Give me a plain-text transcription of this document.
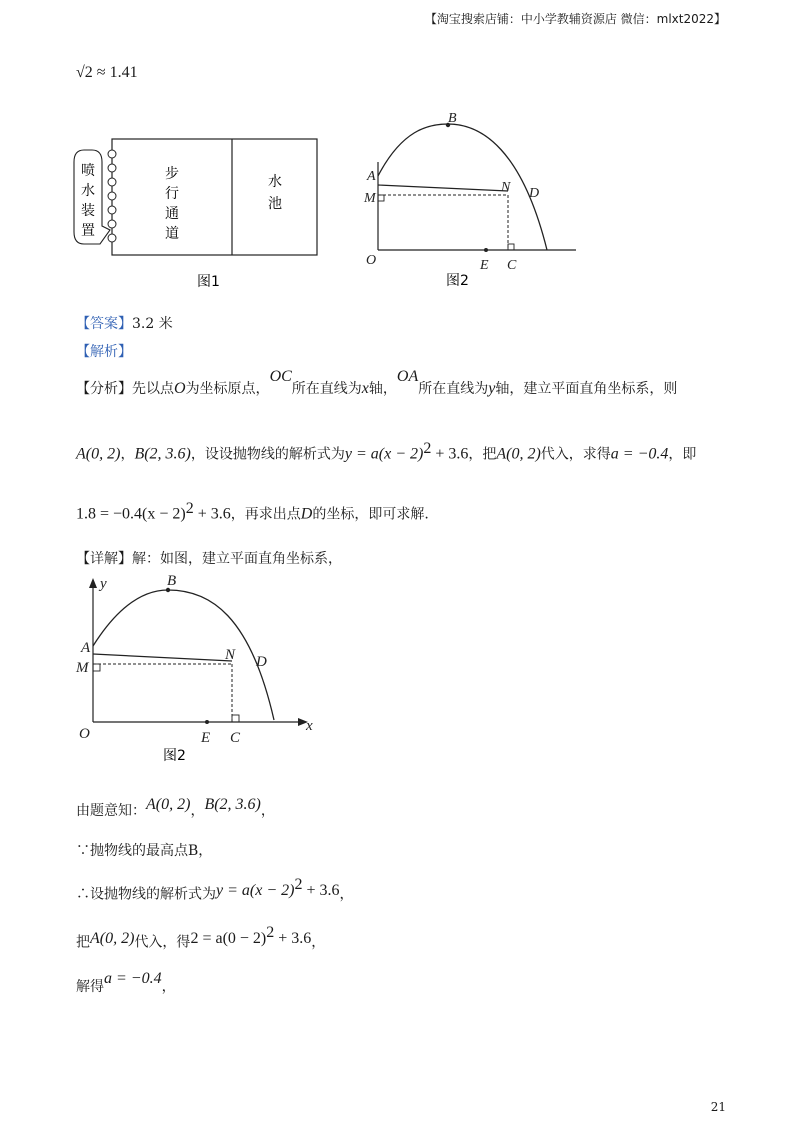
【淘宝搜索店铺：中小学教辅资源店 微信：mlxt2022】
√2 ≈ 1.41
喷
水
装
置
步
行
通
道
水
池
图1
B
A
M
N D
O	E C
图2
【答案】3.2 米
【解析】
【分析】先以点O为坐标原点，OC所在直线为x轴，OA所在直线为y轴，建立平面直角坐标系，则
A(0, 2)，B(2, 3.6)，设设抛物线的解析式为$y = a(x - 2)^2 + 3.6$，把A(0, 2)代入，求得a = −0.4，即
$1.8 = -0.4(x - 2)^2 + 3.6$，再求出点D的坐标，即可求解.
【详解】解：如图，建立平面直角坐标系，
y
x
B
A
M
N D
O	E C
图2
由题意知：A(0, 2)，B(2, 3.6)，
∵抛物线的最高点B，
∴设抛物线的解析式为$y = a(x - 2)^2 + 3.6$，
把A(0, 2)代入，得$2 = a(0 - 2)^2 + 3.6$，
解得a = −0.4，
21
